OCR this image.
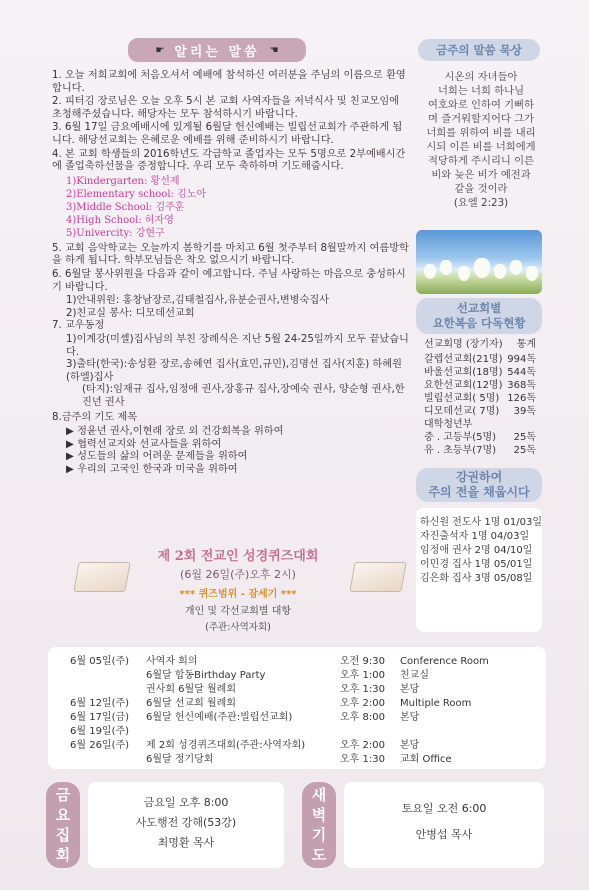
☛ 알리는 말씀 ☚

1. 오늘 저희교회에 처음오셔서 예배에 참석하신 여러분을 주님의 이름으로 환영합니다.

2. 피터김 장로님은 오늘 오후 5시 본 교회 사역자들을 저녁식사 및 친교모임에 초청해주셨습니다. 해당자는 모두 참석하시기 바랍니다.

3. 6월 17일 금요예배시에 있게될 6월달 헌신예배는 빌립선교회가 주관하게 됩니다. 해당선교회는 은혜로운 예배를 위해 준비하시기 바랍니다.

4. 본 교회 학생들의 2016학년도 각급학교 졸업자는 모두 5명으로 2부예배시간에 졸업축하선물을 증정합니다. 우리 모두 축하하며 기도해줍시다.

1)Kindergarten: 황선제
2)Elementary school: 김노아
3)Middle School: 김주훈
4)High School: 허자영
5)Univercity: 강현구

5. 교회 음악학교는 오늘까지 봄학기를 마치고 6월 첫주부터 8월말까지 여름방학을 하게 됩니다. 학부모님들은 착오 없으시기 바랍니다.

6. 6월달 봉사위원을 다음과 같이 예고합니다. 주님 사랑하는 마음으로 충성하시기 바랍니다.

1)안내위원: 홍창남장로,김태철집사,유분순권사,변병숙집사
2)친교실 봉사: 디모데선교회

7. 교우동정

1)이계강(미셸)집사님의 부친 장례식은 지난 5월 24-25일까지 모두 끝났습니다.
3)출타(한국):송성환 장로,송혜연 집사(효민,규민),김명선 집사(지훈) 하혜원(하엘)집사
(타지):임재규 집사,임정애 권사,장홍규 집사,장예숙 권사, 양순형 권사,한진년 권사

8.금주의 기도 제목

▶ 정윤년 권사,이현래 장로 외 건강회복을 위하여
▶ 협력선교지와 선교사들을 위하여
▶ 성도들의 삶의 어려운 문제들을 위하여
▶ 우리의 고국인 한국과 미국을 위하여
제 2회 전교인 성경퀴즈대회
(6월 26일(주)오후 2시)
*** 퀴즈범위 - 잠세기 ***
개인 및 각선교회별 대항
(주관:사역자회)
6월 05일(주) 사역자 회의	오전 9:30 Conference Room
6월달 합동Birthday Party	오후 1:00 친교실
권사회 6월달 월례회	오후 1:30 본당
6월 12일(주) 6월달 선교회 월례회	오후 2:00 Multiple Room
6월 17일(금) 6월달 헌신예배(주관:빌립선교회)	오후 8:00 본당
6월 19일(주)
6월 26일(주) 제 2회 성경퀴즈대회(주관:사역자회)	오후 2:00 본당
6월달 정기당회	오후 1:30 교회 Office
금요집회
금요일 오후 8:00
사도행전 강해(53강)
최명환 목사
새벽기도
토요일 오전 6:00
안병섭 목사
금주의 말씀 묵상
시온의 자녀들아
너희는 너희 하나님
여호와로 인하여 기뻐하
며 즐거워할지어다 그가
너희를 위하여 비를 내리
시되 이른 비를 너희에게
적당하게 주시리니 이른
비와 늦은 비가 예전과
같을 것이라
(요엘 2:23)
선교회별
요한복음 다독현황
선교회명 (장기자) 통계
갈렙선교회(21명) 994독
바울선교회(18명) 544독
요한선교회(12명) 368독
빌립선교회( 5명) 126독
디모데선교( 7명) 39독
대학청년부
중 . 고등부(5명) 25독
유 . 초등부(7명) 25독
강권하여
주의 전을 채웁시다
하신원 전도사 1명 01/03일
자진출석자 1명 04/03일
임정애 권사 2명 04/10일
이민경 집사 1명 05/01일
김은화 집사 3명 05/08일
